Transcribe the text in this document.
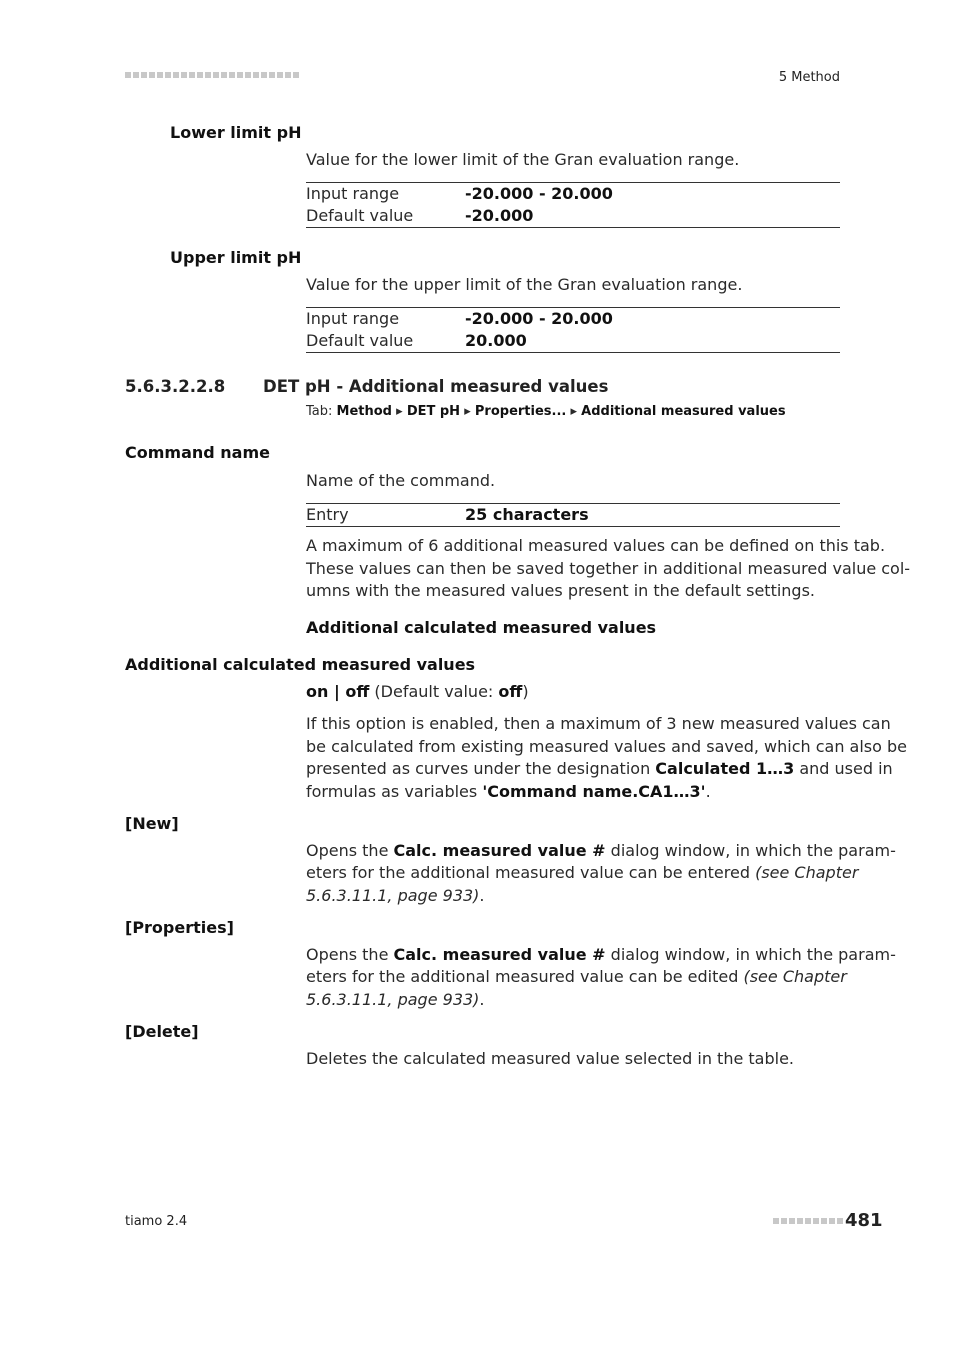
5 Method
Lower limit pH
Value for the lower limit of the Gran evaluation range.
Input range	-20.000 - 20.000
Default value	-20.000
Upper limit pH
Value for the upper limit of the Gran evaluation range.
Input range	-20.000 - 20.000
Default value	20.000
5.6.3.2.2.8 DET pH - Additional measured values
Tab: Method ▸ DET pH ▸ Properties... ▸ Additional measured values
Command name
Name of the command.
Entry	25 characters
A maximum of 6 additional measured values can be defined on this tab.
These values can then be saved together in additional measured value col-
umns with the measured values present in the default settings.
Additional calculated measured values
Additional calculated measured values
on | off (Default value: off)
If this option is enabled, then a maximum of 3 new measured values can
be calculated from existing measured values and saved, which can also be
presented as curves under the designation Calculated 1…3 and used in
formulas as variables 'Command name.CA1…3'.
[New]
Opens the Calc. measured value # dialog window, in which the param-
eters for the additional measured value can be entered (see Chapter
5.6.3.11.1, page 933).
[Properties]
Opens the Calc. measured value # dialog window, in which the param-
eters for the additional measured value can be edited (see Chapter
5.6.3.11.1, page 933).
[Delete]
Deletes the calculated measured value selected in the table.
tiamo 2.4	481
